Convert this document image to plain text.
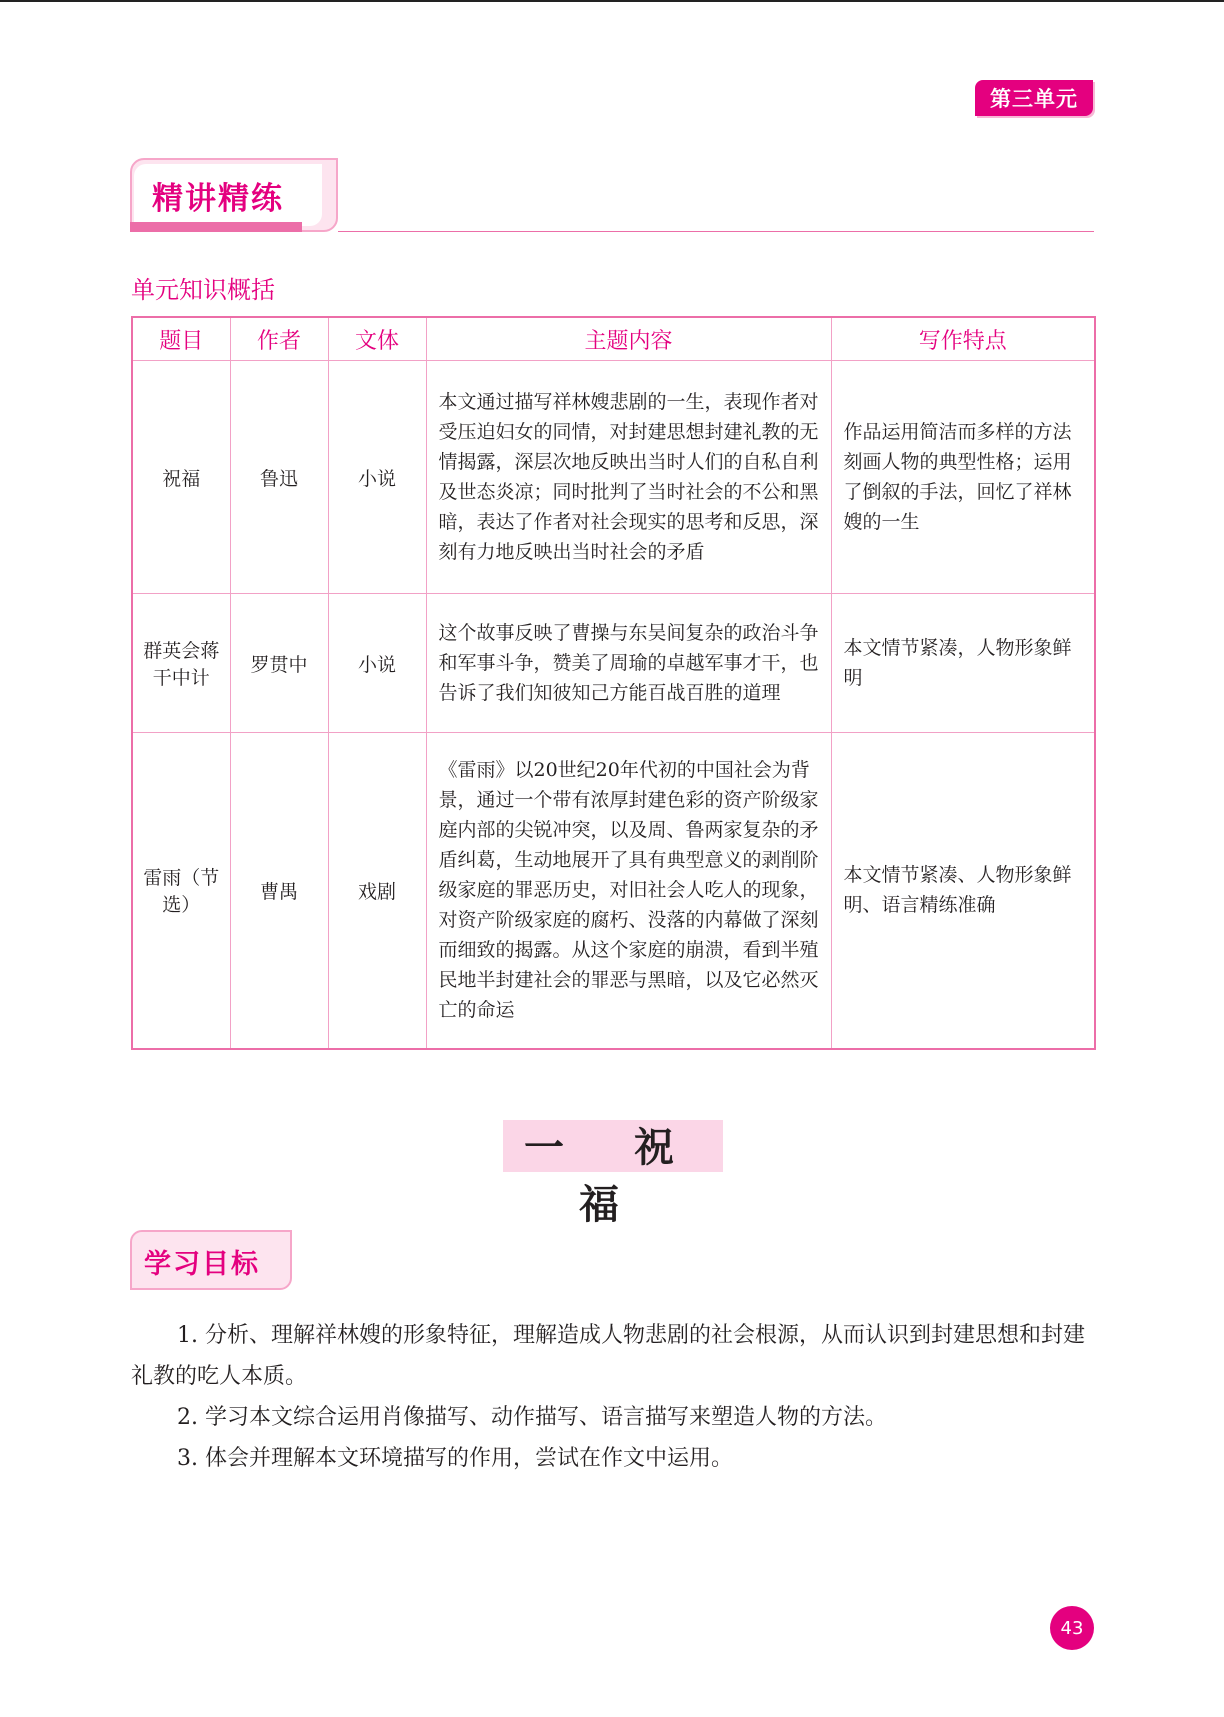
第三单元
精讲精练
单元知识概括
题目	作者	文体	主题内容	写作特点
祝福	鲁迅	小说	本文通过描写祥林嫂悲剧的一生，表现作者对受压迫妇女的同情，对封建思想封建礼教的无情揭露，深层次地反映出当时人们的自私自利及世态炎凉；同时批判了当时社会的不公和黑暗，表达了作者对社会现实的思考和反思，深刻有力地反映出当时社会的矛盾	作品运用简洁而多样的方法刻画人物的典型性格；运用了倒叙的手法，回忆了祥林嫂的一生
群英会蒋干中计	罗贯中	小说	这个故事反映了曹操与东吴间复杂的政治斗争和军事斗争，赞美了周瑜的卓越军事才干，也告诉了我们知彼知己方能百战百胜的道理	本文情节紧凑，人物形象鲜明
雷雨（节选）	曹禺	戏剧	《雷雨》以20世纪20年代初的中国社会为背景，通过一个带有浓厚封建色彩的资产阶级家庭内部的尖锐冲突，以及周、鲁两家复杂的矛盾纠葛，生动地展开了具有典型意义的剥削阶级家庭的罪恶历史，对旧社会人吃人的现象，对资产阶级家庭的腐朽、没落的内幕做了深刻而细致的揭露。从这个家庭的崩溃，看到半殖民地半封建社会的罪恶与黑暗，以及它必然灭亡的命运	本文情节紧凑、人物形象鲜明、语言精练准确
一 祝福
学习目标

1. 分析、理解祥林嫂的形象特征，理解造成人物悲剧的社会根源，从而认识到封建思想和封建礼教的吃人本质。

2. 学习本文综合运用肖像描写、动作描写、语言描写来塑造人物的方法。

3. 体会并理解本文环境描写的作用，尝试在作文中运用。

43
